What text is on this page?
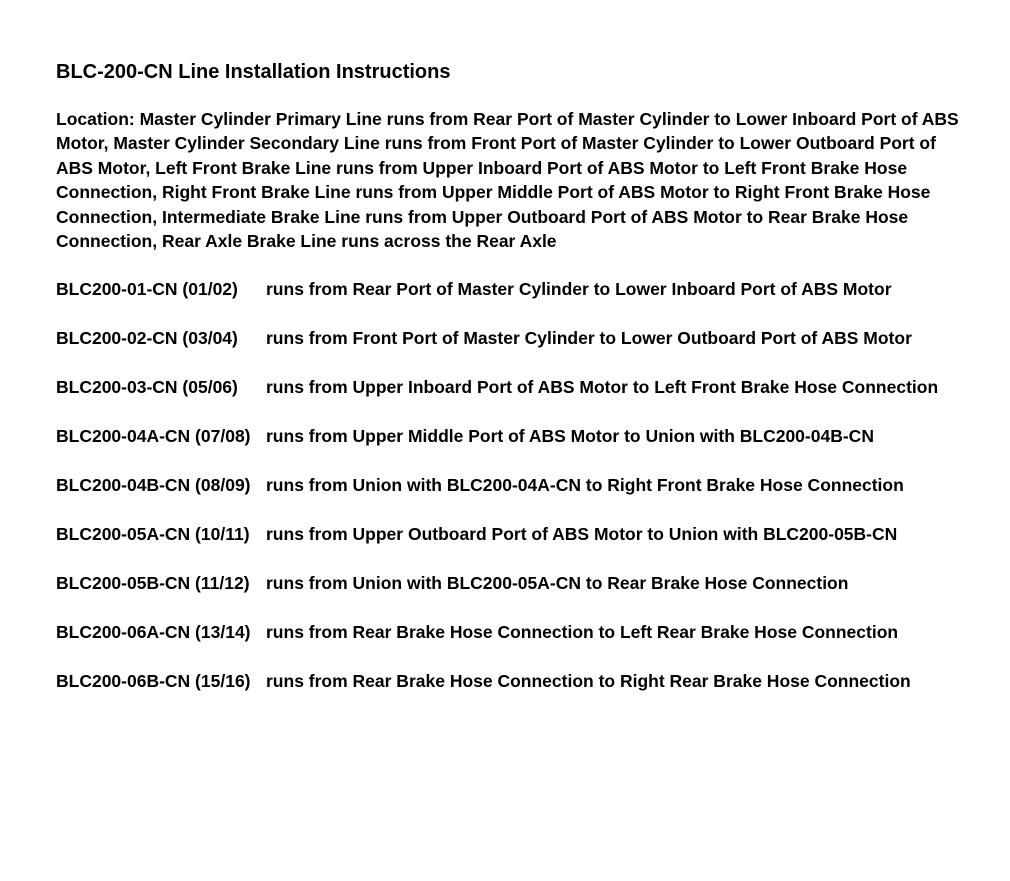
BLC-200-CN Line Installation Instructions
Location: Master Cylinder Primary Line runs from Rear Port of Master Cylinder to Lower Inboard Port of ABS Motor, Master Cylinder Secondary Line runs from Front Port of Master Cylinder to Lower Outboard Port of ABS Motor, Left Front Brake Line runs from Upper Inboard Port of ABS Motor to Left Front Brake Hose Connection, Right Front Brake Line runs from Upper Middle Port of ABS Motor to Right Front Brake Hose Connection, Intermediate Brake Line runs from Upper Outboard Port of ABS Motor to Rear Brake Hose Connection, Rear Axle Brake Line runs across the Rear Axle
BLC200-01-CN (01/02)	runs from Rear Port of Master Cylinder to Lower Inboard Port of ABS Motor
BLC200-02-CN (03/04)	runs from Front Port of Master Cylinder to Lower Outboard Port of ABS Motor
BLC200-03-CN (05/06)	runs from Upper Inboard Port of ABS Motor to Left Front Brake Hose Connection
BLC200-04A-CN (07/08) runs from Upper Middle Port of ABS Motor to Union with BLC200-04B-CN
BLC200-04B-CN (08/09) runs from Union with BLC200-04A-CN to Right Front Brake Hose Connection
BLC200-05A-CN (10/11) runs from Upper Outboard Port of ABS Motor to Union with BLC200-05B-CN
BLC200-05B-CN (11/12) runs from Union with BLC200-05A-CN to Rear Brake Hose Connection
BLC200-06A-CN (13/14) runs from Rear Brake Hose Connection to Left Rear Brake Hose Connection
BLC200-06B-CN (15/16) runs from Rear Brake Hose Connection to Right Rear Brake Hose Connection
